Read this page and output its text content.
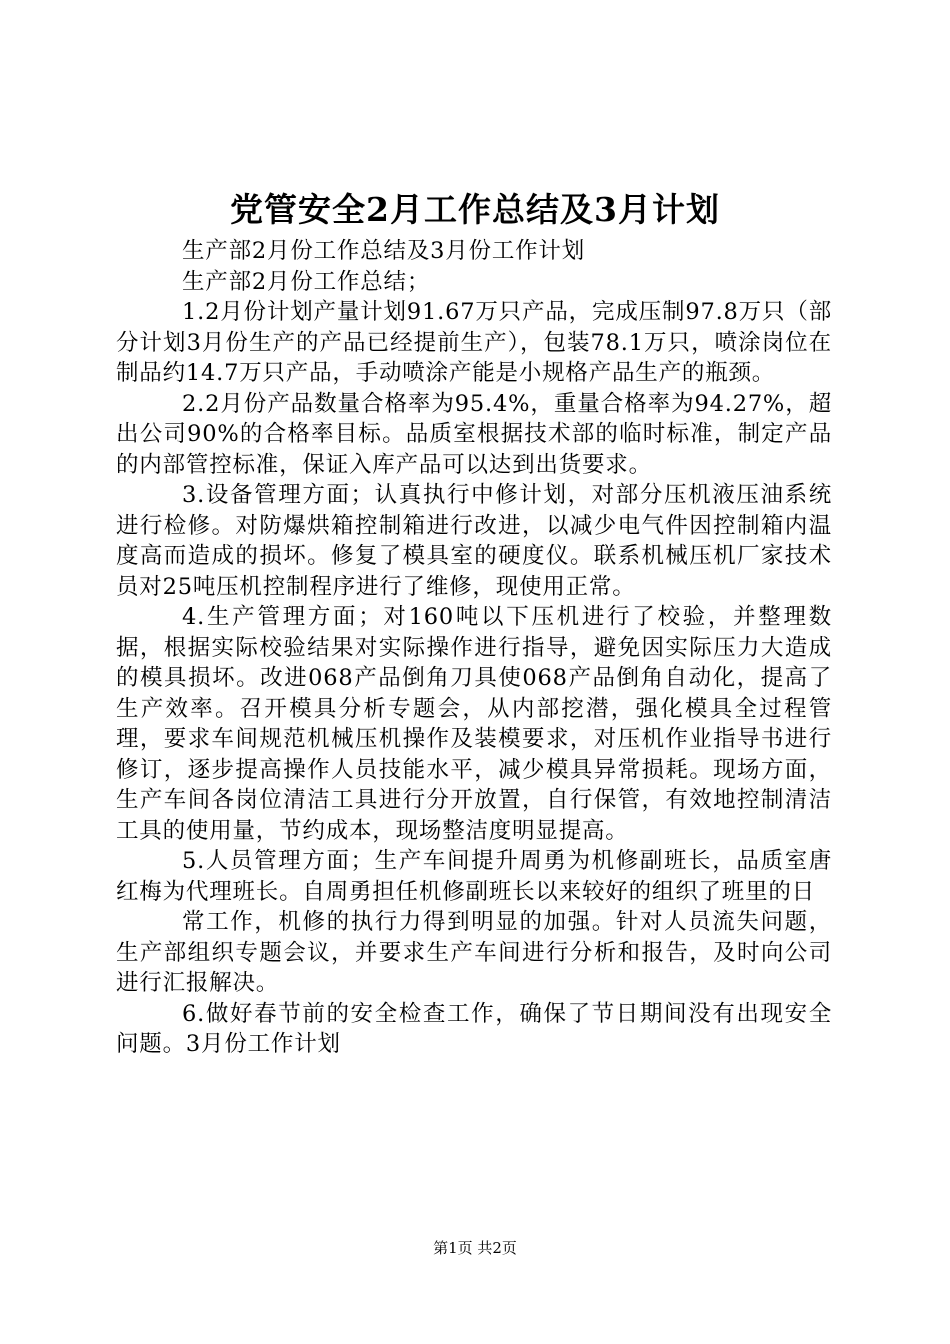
党管安全2月工作总结及3月计划

生产部2月份工作总结及3月份工作计划

生产部2月份工作总结；

1.2月份计划产量计划91.67万只产品，完成压制97.8万只（部分计划3月份生产的产品已经提前生产），包装78.1万只，喷涂岗位在制品约14.7万只产品，手动喷涂产能是小规格产品生产的瓶颈。

2.2月份产品数量合格率为95.4%，重量合格率为94.27%，超出公司90%的合格率目标。品质室根据技术部的临时标准，制定产品的内部管控标准，保证入库产品可以达到出货要求。

3.设备管理方面；认真执行中修计划，对部分压机液压油系统进行检修。对防爆烘箱控制箱进行改进，以减少电气件因控制箱内温度高而造成的损坏。修复了模具室的硬度仪。联系机械压机厂家技术员对25吨压机控制程序进行了维修，现使用正常。

4.生产管理方面；对160吨以下压机进行了校验，并整理数据，根据实际校验结果对实际操作进行指导，避免因实际压力大造成的模具损坏。改进068产品倒角刀具使068产品倒角自动化，提高了生产效率。召开模具分析专题会，从内部挖潜，强化模具全过程管理，要求车间规范机械压机操作及装模要求，对压机作业指导书进行修订，逐步提高操作人员技能水平，减少模具异常损耗。现场方面，生产车间各岗位清洁工具进行分开放置，自行保管，有效地控制清洁工具的使用量，节约成本，现场整洁度明显提高。

5.人员管理方面；生产车间提升周勇为机修副班长，品质室唐红梅为代理班长。自周勇担任机修副班长以来较好的组织了班里的日

常工作，机修的执行力得到明显的加强。针对人员流失问题，生产部组织专题会议，并要求生产车间进行分析和报告，及时向公司进行汇报解决。

6.做好春节前的安全检查工作，确保了节日期间没有出现安全问题。3月份工作计划

第1页 共2页
